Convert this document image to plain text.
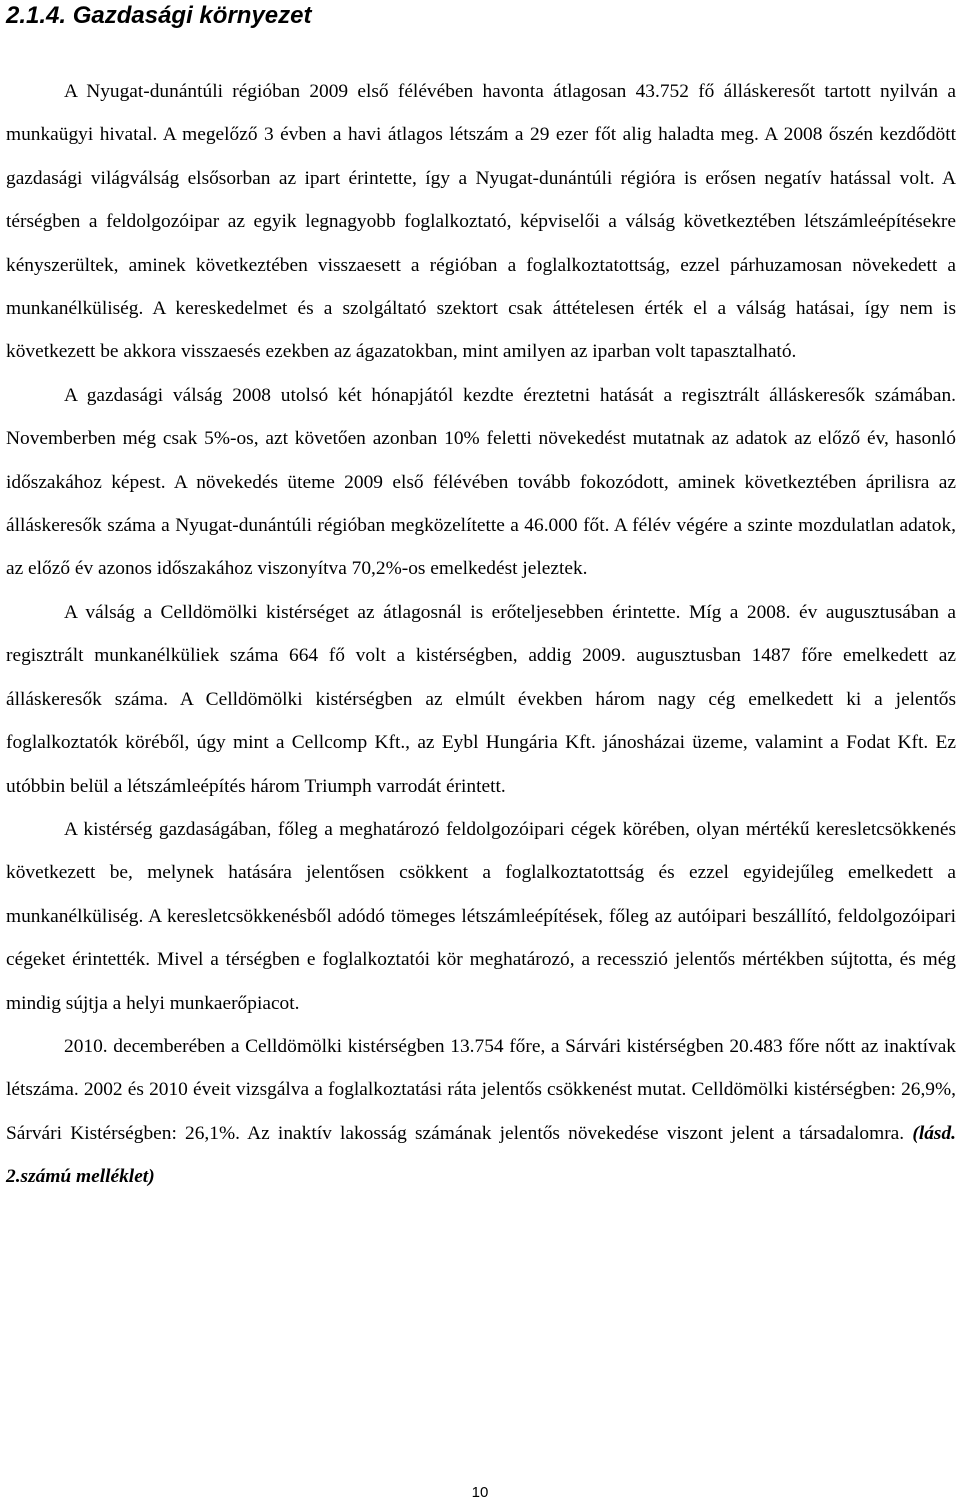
2.1.4. Gazdasági környezet

A Nyugat-dunántúli régióban 2009 első félévében havonta átlagosan 43.752 fő álláskeresőt tartott nyilván a munkaügyi hivatal. A megelőző 3 évben a havi átlagos létszám a 29 ezer főt alig haladta meg. A 2008 őszén kezdődött gazdasági világválság elsősorban az ipart érintette, így a Nyugat-dunántúli régióra is erősen negatív hatással volt. A térségben a feldolgozóipar az egyik legnagyobb foglalkoztató, képviselői a válság következtében létszámleépítésekre kényszerültek, aminek következtében visszaesett a régióban a foglalkoztatottság, ezzel párhuzamosan növekedett a munkanélküliség. A kereskedelmet és a szolgáltató szektort csak áttételesen érték el a válság hatásai, így nem is következett be akkora visszaesés ezekben az ágazatokban, mint amilyen az iparban volt tapasztalható.

A gazdasági válság 2008 utolsó két hónapjától kezdte éreztetni hatását a regisztrált álláskeresők számában. Novemberben még csak 5%-os, azt követően azonban 10% feletti növekedést mutatnak az adatok az előző év, hasonló időszakához képest. A növekedés üteme 2009 első félévében tovább fokozódott, aminek következtében áprilisra az álláskeresők száma a Nyugat-dunántúli régióban megközelítette a 46.000 főt. A félév végére a szinte mozdulatlan adatok, az előző év azonos időszakához viszonyítva 70,2%-os emelkedést jeleztek.

A válság a Celldömölki kistérséget az átlagosnál is erőteljesebben érintette. Míg a 2008. év augusztusában a regisztrált munkanélküliek száma 664 fő volt a kistérségben, addig 2009. augusztusban 1487 főre emelkedett az álláskeresők száma. A Celldömölki kistérségben az elmúlt években három nagy cég emelkedett ki a jelentős foglalkoztatók köréből, úgy mint a Cellcomp Kft., az Eybl Hungária Kft. jánosházai üzeme, valamint a Fodat Kft. Ez utóbbin belül a létszámleépítés három Triumph varrodát érintett.

A kistérség gazdaságában, főleg a meghatározó feldolgozóipari cégek körében, olyan mértékű keresletcsökkenés következett be, melynek hatására jelentősen csökkent a foglalkoztatottság és ezzel egyidejűleg emelkedett a munkanélküliség. A keresletcsökkenésből adódó tömeges létszámleépítések, főleg az autóipari beszállító, feldolgozóipari cégeket érintették. Mivel a térségben e foglalkoztatói kör meghatározó, a recesszió jelentős mértékben sújtotta, és még mindig sújtja a helyi munkaerőpiacot.

2010. decemberében a Celldömölki kistérségben 13.754 főre, a Sárvári kistérségben 20.483 főre nőtt az inaktívak létszáma. 2002 és 2010 éveit vizsgálva a foglalkoztatási ráta jelentős csökkenést mutat. Celldömölki kistérségben: 26,9%, Sárvári Kistérségben: 26,1%. Az inaktív lakosság számának jelentős növekedése viszont jelent a társadalomra. (lásd. 2.számú melléklet)

10
